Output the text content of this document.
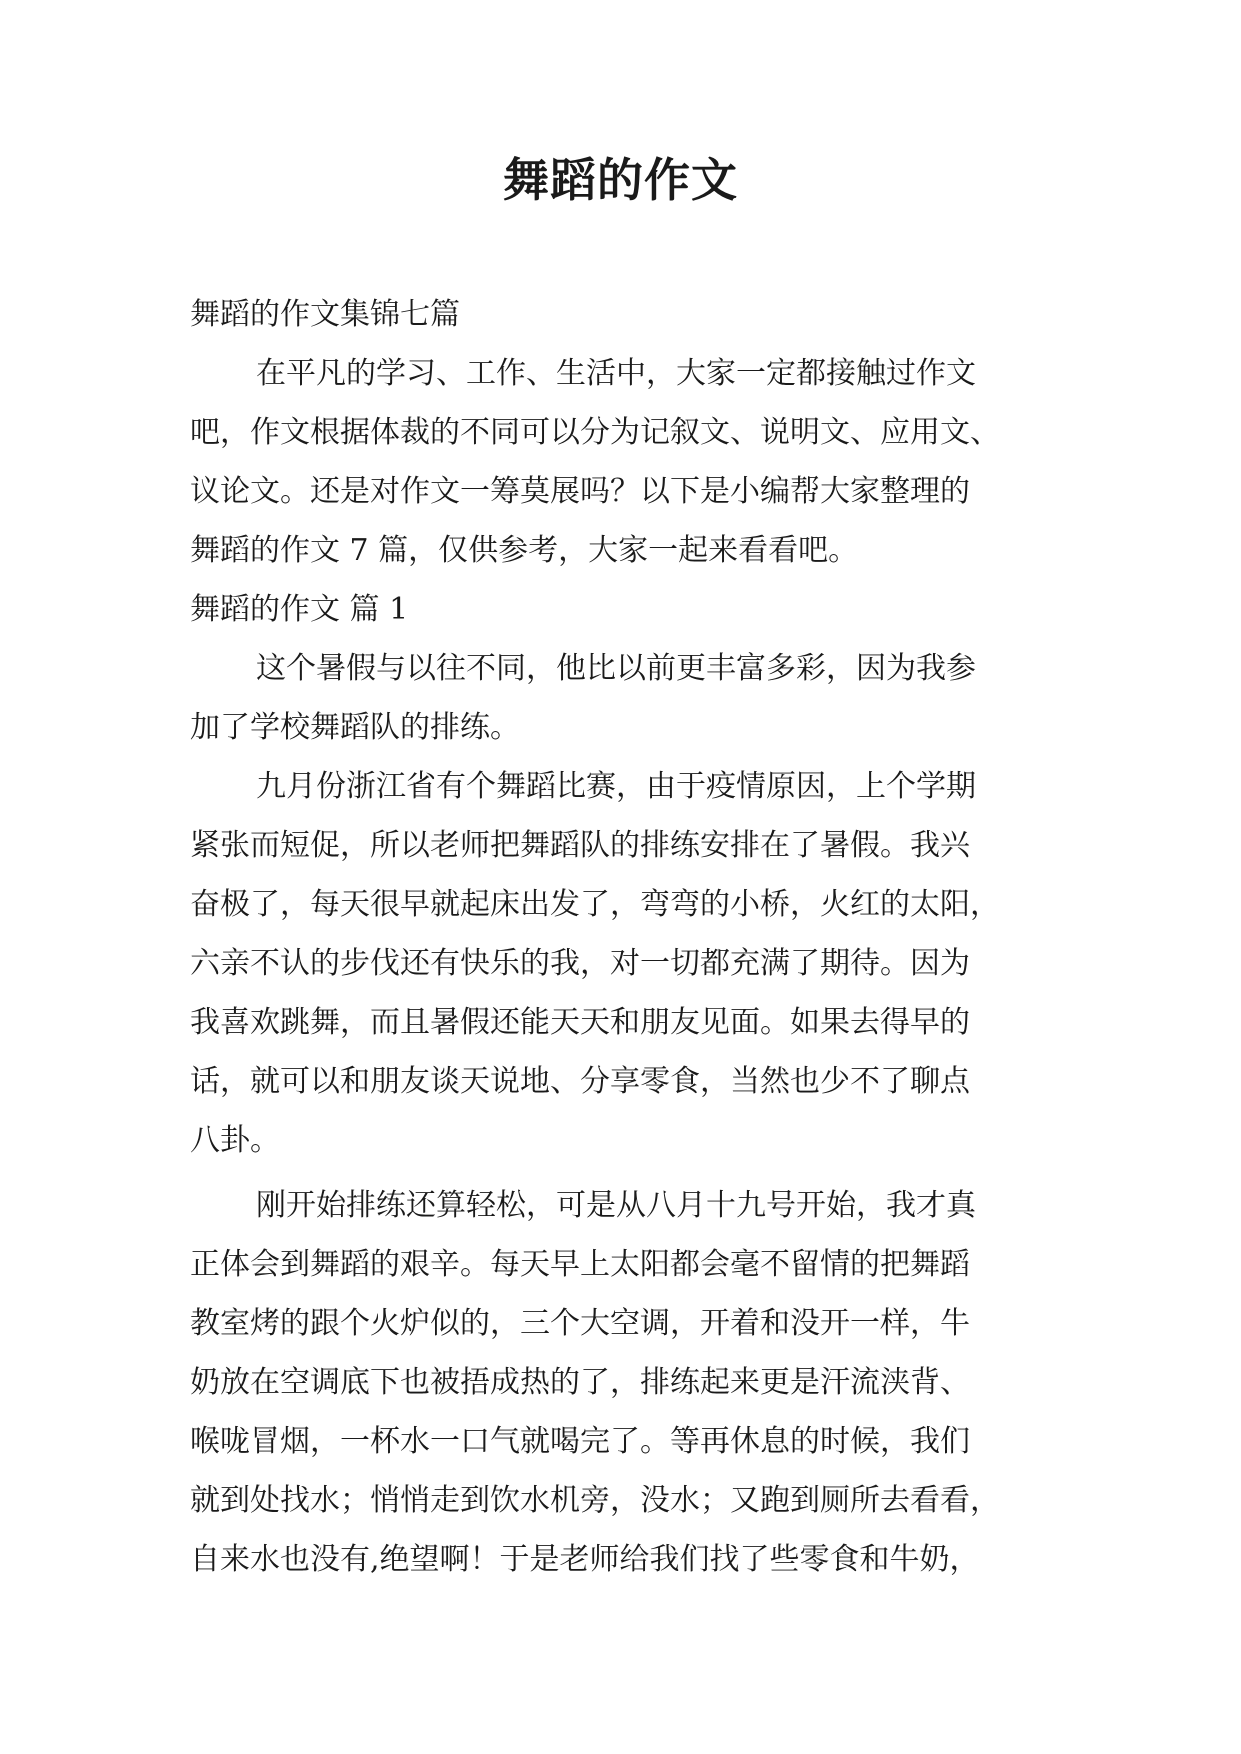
舞蹈的作文
舞蹈的作文集锦七篇
在平凡的学习、工作、生活中，大家一定都接触过作文
吧，作文根据体裁的不同可以分为记叙文、说明文、应用文、
议论文。还是对作文一筹莫展吗？以下是小编帮大家整理的
舞蹈的作文 7 篇，仅供参考，大家一起来看看吧。
舞蹈的作文 篇 1
这个暑假与以往不同，他比以前更丰富多彩，因为我参
加了学校舞蹈队的排练。
九月份浙江省有个舞蹈比赛，由于疫情原因，上个学期
紧张而短促，所以老师把舞蹈队的排练安排在了暑假。我兴
奋极了，每天很早就起床出发了，弯弯的小桥，火红的太阳，
六亲不认的步伐还有快乐的我，对一切都充满了期待。因为
我喜欢跳舞，而且暑假还能天天和朋友见面。如果去得早的
话，就可以和朋友谈天说地、分享零食，当然也少不了聊点
八卦。
刚开始排练还算轻松，可是从八月十九号开始，我才真
正体会到舞蹈的艰辛。每天早上太阳都会毫不留情的把舞蹈
教室烤的跟个火炉似的，三个大空调，开着和没开一样，牛
奶放在空调底下也被捂成热的了，排练起来更是汗流浃背、
喉咙冒烟，一杯水一口气就喝完了。等再休息的时候，我们
就到处找水；悄悄走到饮水机旁，没水；又跑到厕所去看看，
自来水也没有,绝望啊！于是老师给我们找了些零食和牛奶，
